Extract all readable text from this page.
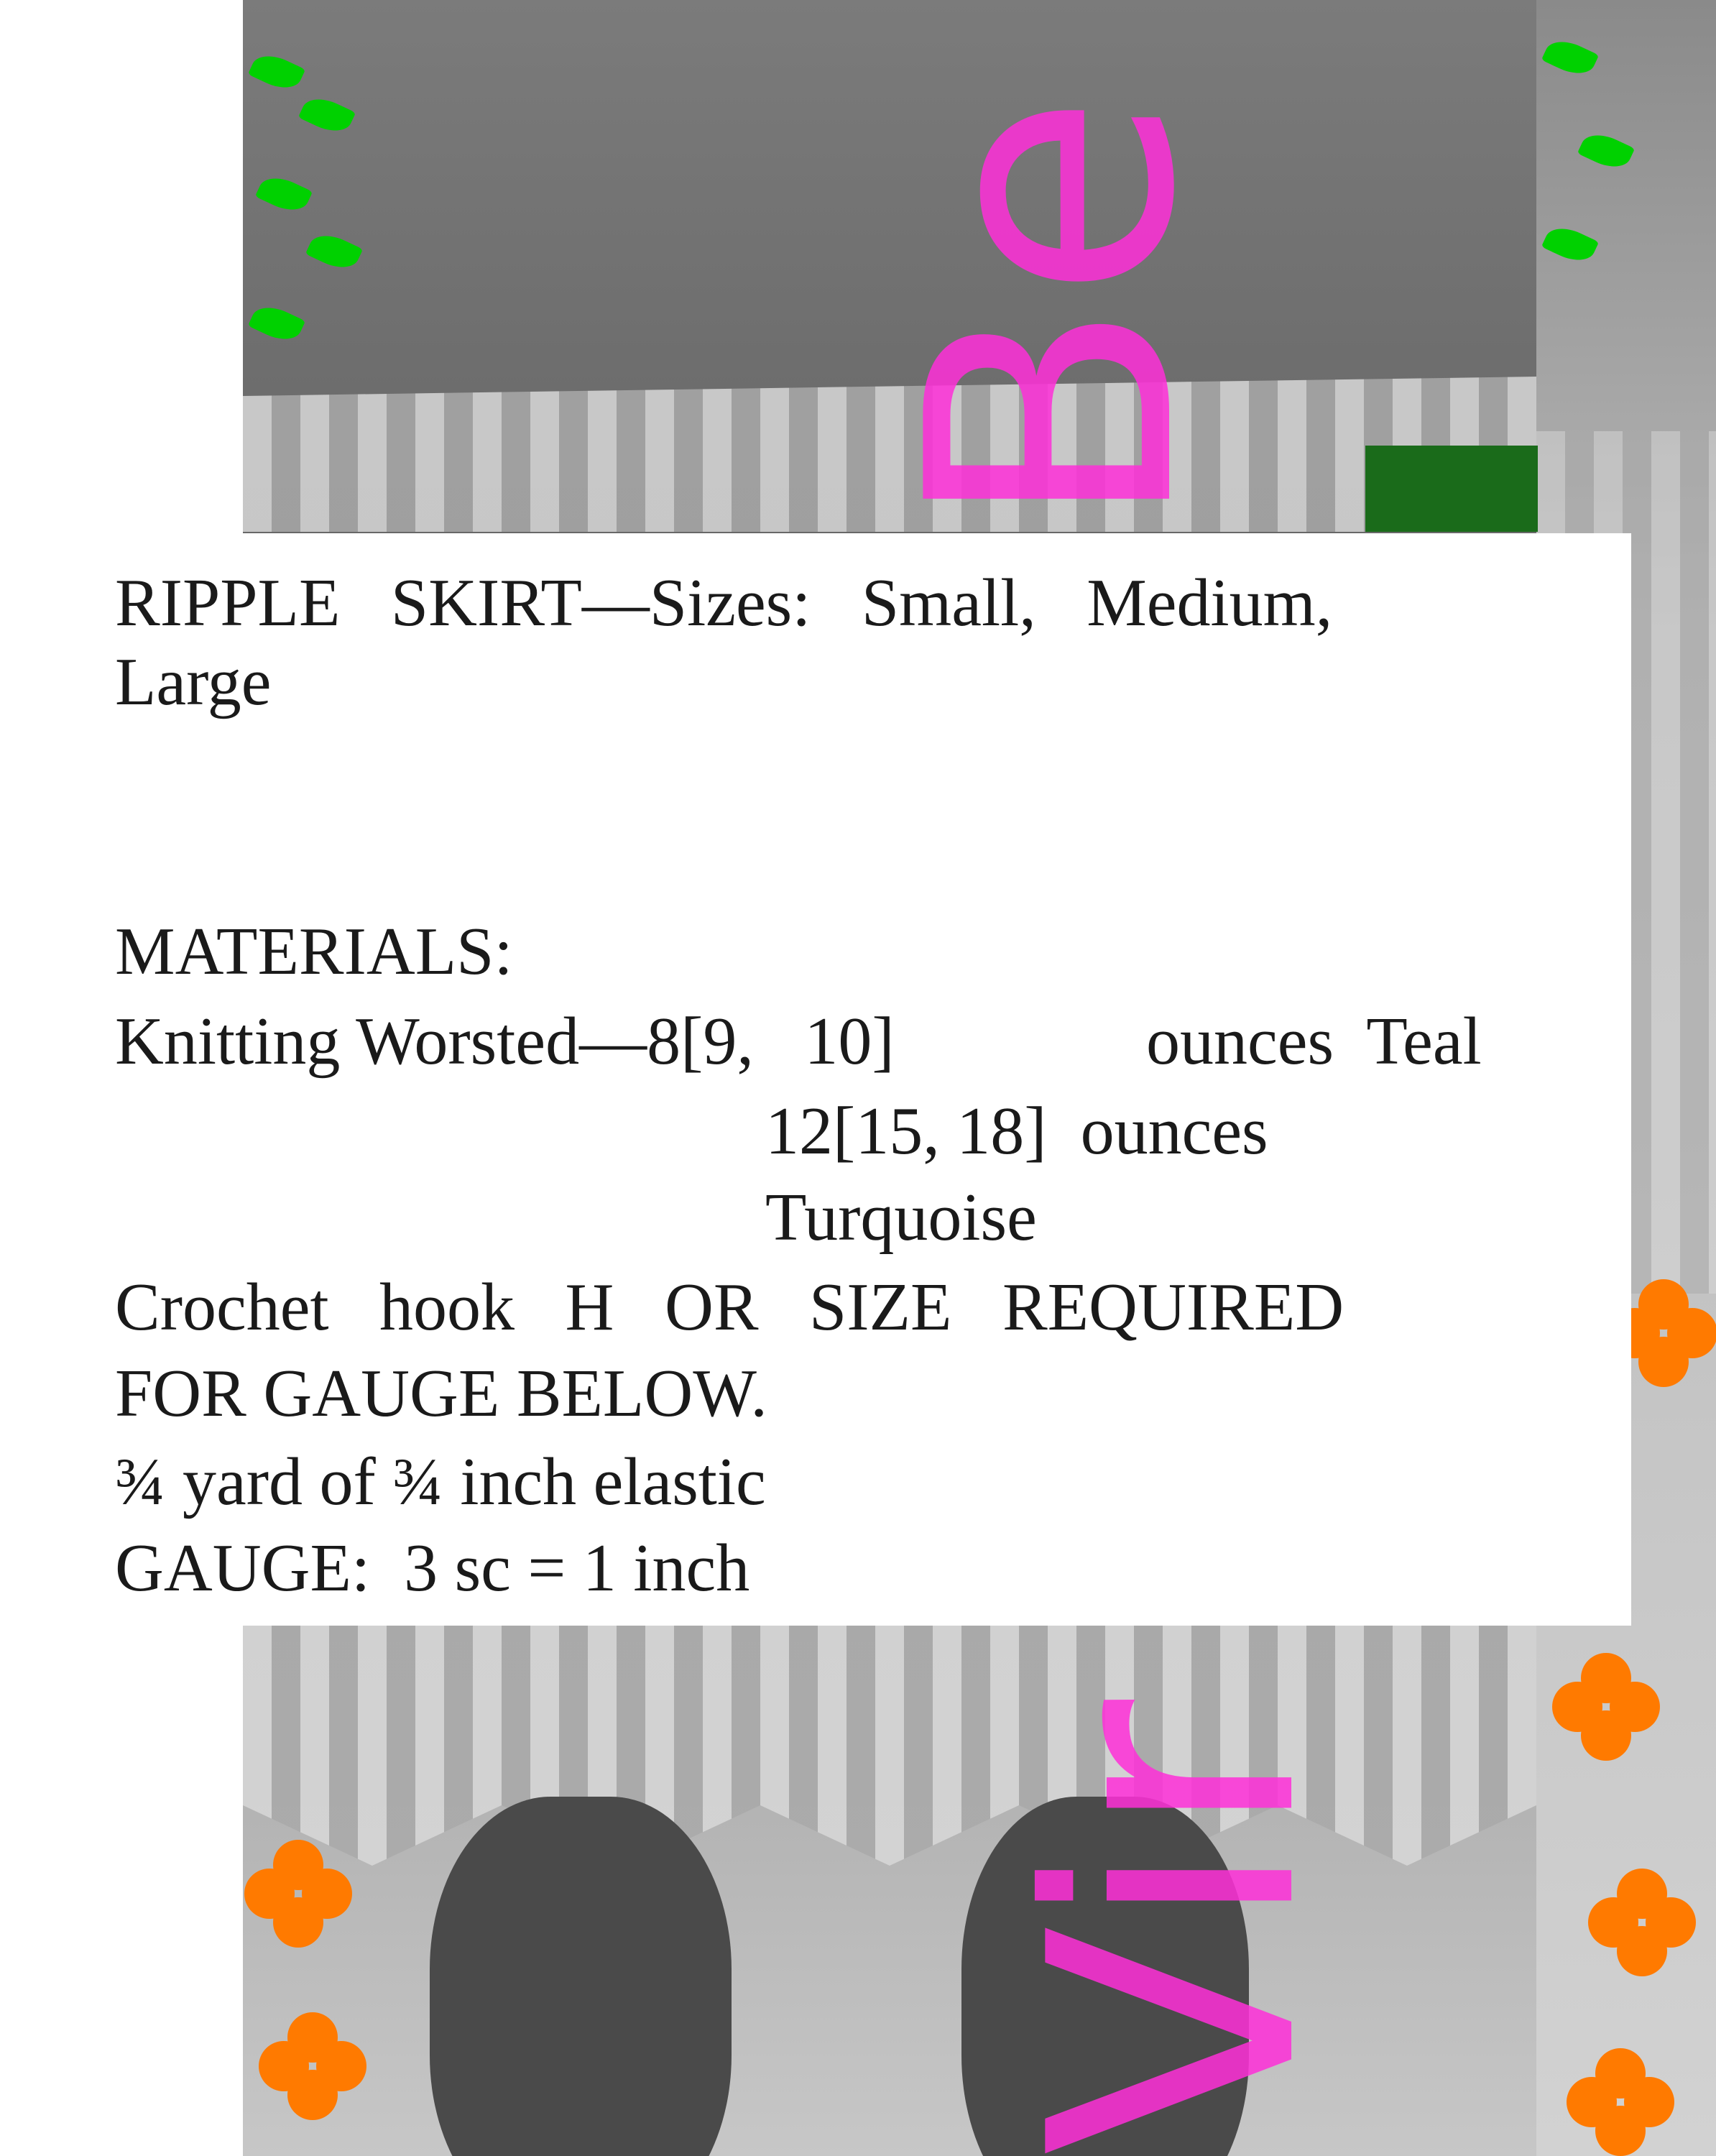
Be
Vir
RIPPLE   SKIRT—Sizes:   Small,   Medium,
Large
MATERIALS:
Knitting Worsted—8[9,   10]	ounces  Teal
12[15, 18]  ounces
Turquoise
Crochet   hook   H   OR   SIZE   REQUIRED
FOR GAUGE BELOW.
¾ yard of ¾ inch elastic
GAUGE:  3 sc = 1 inch
